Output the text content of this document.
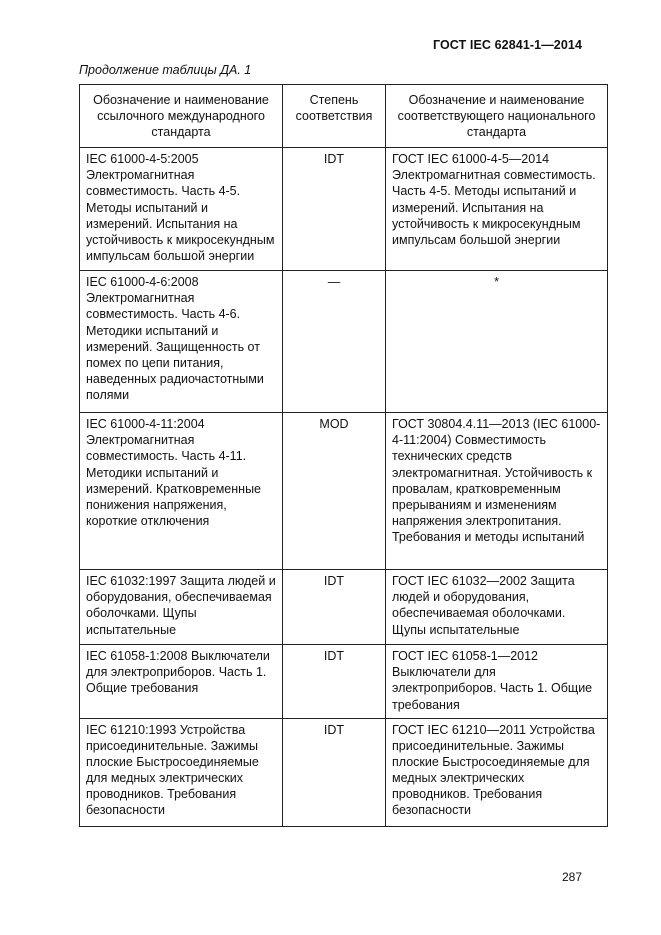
ГОСТ IEC 62841-1—2014
Продолжение таблицы ДА. 1
Обозначение и наименование ссылочного международного стандарта	Степень соответствия	Обозначение и наименование соответствующего национального стандарта
IEC 61000-4-5:2005 Электромагнитная совместимость. Часть 4-5. Методы испытаний и измерений. Испытания на устойчивость к микросекундным импульсам большой энергии	IDT	ГОСТ IEC 61000-4-5—2014 Электромагнитная совместимость. Часть 4-5. Методы испытаний и измерений. Испытания на устойчивость к микросекундным импульсам большой энергии
IEC 61000-4-6:2008 Электромагнитная совместимость. Часть 4-6. Методики испытаний и измерений. Защищенность от помех по цепи питания, наведенных радиочастотными полями	—	*
IEC 61000-4-11:2004 Электромагнитная совместимость. Часть 4-11. Методики испытаний и измерений. Кратковременные понижения напряжения, короткие отключения	MOD	ГОСТ 30804.4.11—2013 (IEC 61000-4-11:2004) Совместимость технических средств электромагнитная. Устойчивость к провалам, кратковременным прерываниям и изменениям напряжения электропитания. Требования и методы испытаний
IEC 61032:1997 Защита людей и оборудования, обеспечиваемая оболочками. Щупы испытательные	IDT	ГОСТ IEC 61032—2002 Защита людей и оборудования, обеспечиваемая оболочками. Щупы испытательные
IEC 61058-1:2008 Выключатели для электроприборов. Часть 1. Общие требования	IDT	ГОСТ IEC 61058-1—2012 Выключатели для электроприборов. Часть 1. Общие требования
IEC 61210:1993 Устройства присоединительные. Зажимы плоские Быстросоединяемые для медных электрических проводников. Требования безопасности	IDT	ГОСТ IEC 61210—2011 Устройства присоединительные. Зажимы плоские Быстросоединяемые для медных электрических проводников. Требования безопасности
287
